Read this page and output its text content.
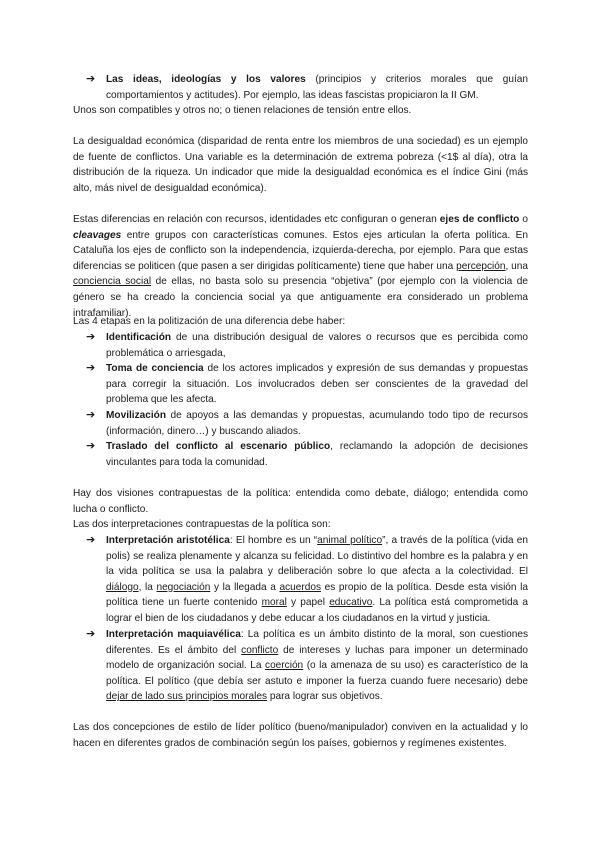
➔ Las ideas, ideologías y los valores (principios y criterios morales que guían comportamientos y actitudes). Por ejemplo, las ideas fascistas propiciaron la II GM.

Unos son compatibles y otros no; o tienen relaciones de tensión entre ellos.

La desigualdad económica (disparidad de renta entre los miembros de una sociedad) es un ejemplo de fuente de conflictos. Una variable es la determinación de extrema pobreza (<1$ al día), otra la distribución de la riqueza. Un indicador que mide la desigualdad económica es el índice Gini (más alto, más nivel de desigualdad económica).

Estas diferencias en relación con recursos, identidades etc configuran o generan ejes de conflicto o cleavages entre grupos con características comunes. Estos ejes articulan la oferta política. En Cataluña los ejes de conflicto son la independencia, izquierda-derecha, por ejemplo. Para que estas diferencias se politicen (que pasen a ser dirigidas políticamente) tiene que haber una percepción, una conciencia social de ellas, no basta solo su presencia “objetiva” (por ejemplo con la violencia de género se ha creado la conciencia social ya que antiguamente era considerado un problema intrafamiliar).

Las 4 etapas en la politización de una diferencia debe haber:

➔ Identificación de una distribución desigual de valores o recursos que es percibida como problemática o arriesgada,

➔ Toma de conciencia de los actores implicados y expresión de sus demandas y propuestas para corregir la situación. Los involucrados deben ser conscientes de la gravedad del problema que les afecta.

➔ Movilización de apoyos a las demandas y propuestas, acumulando todo tipo de recursos (información, dinero…) y buscando aliados.

➔ Traslado del conflicto al escenario público, reclamando la adopción de decisiones vinculantes para toda la comunidad.

Hay dos visiones contrapuestas de la política: entendida como debate, diálogo; entendida como lucha o conflicto.

Las dos interpretaciones contrapuestas de la política son:

➔ Interpretación aristotélica: El hombre es un “animal político”, a través de la política (vida en polis) se realiza plenamente y alcanza su felicidad. Lo distintivo del hombre es la palabra y en la vida política se usa la palabra y deliberación sobre lo que afecta a la colectividad. El diálogo, la negociación y la llegada a acuerdos es propio de la política. Desde esta visión la política tiene un fuerte contenido moral y papel educativo. La política está comprometida a lograr el bien de los ciudadanos y debe educar a los ciudadanos en la virtud y justicia.

➔ Interpretación maquiavélica: La política es un ámbito distinto de la moral, son cuestiones diferentes. Es el ámbito del conflicto de intereses y luchas para imponer un determinado modelo de organización social. La coerción (o la amenaza de su uso) es característico de la política. El político (que debía ser astuto e imponer la fuerza cuando fuere necesario) debe dejar de lado sus principios morales para lograr sus objetivos.

Las dos concepciones de estilo de líder político (bueno/manipulador) conviven en la actualidad y lo hacen en diferentes grados de combinación según los países, gobiernos y regímenes existentes.
